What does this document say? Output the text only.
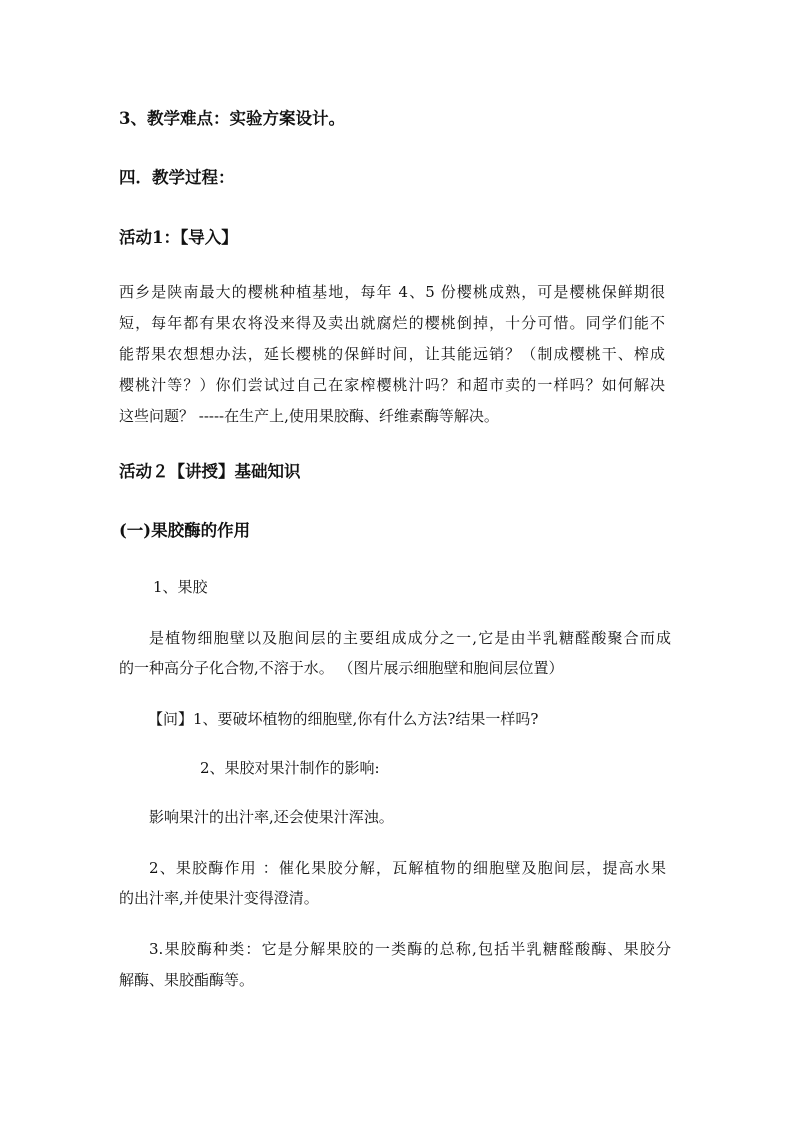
3、教学难点：实验方案设计。
四．教学过程：
活动1：【导入】
西乡是陕南最大的樱桃种植基地，每年 4、5 份樱桃成熟，可是樱桃保鲜期很
短，每年都有果农将没来得及卖出就腐烂的樱桃倒掉，十分可惜。同学们能不
能帮果农想想办法，延长樱桃的保鲜时间，让其能远销？（制成樱桃干、榨成
樱桃汁等？）你们尝试过自己在家榨樱桃汁吗？和超市卖的一样吗？如何解决
这些问题？ -----在生产上,使用果胶酶、纤维素酶等解决。
活动２【讲授】基础知识
(一)果胶酶的作用
1、果胶
是植物细胞壁以及胞间层的主要组成成分之一,它是由半乳糖醛酸聚合而成
的一种高分子化合物,不溶于水。 （图片展示细胞壁和胞间层位置）
【问】1、要破坏植物的细胞壁,你有什么方法?结果一样吗?
2、果胶对果汁制作的影响:
影响果汁的出汁率,还会使果汁浑浊。
2、果胶酶作用 ：催化果胶分解，瓦解植物的细胞壁及胞间层，提高水果
的出汁率,并使果汁变得澄清。
3.果胶酶种类：它是分解果胶的一类酶的总称,包括半乳糖醛酸酶、果胶分
解酶、果胶酯酶等。
